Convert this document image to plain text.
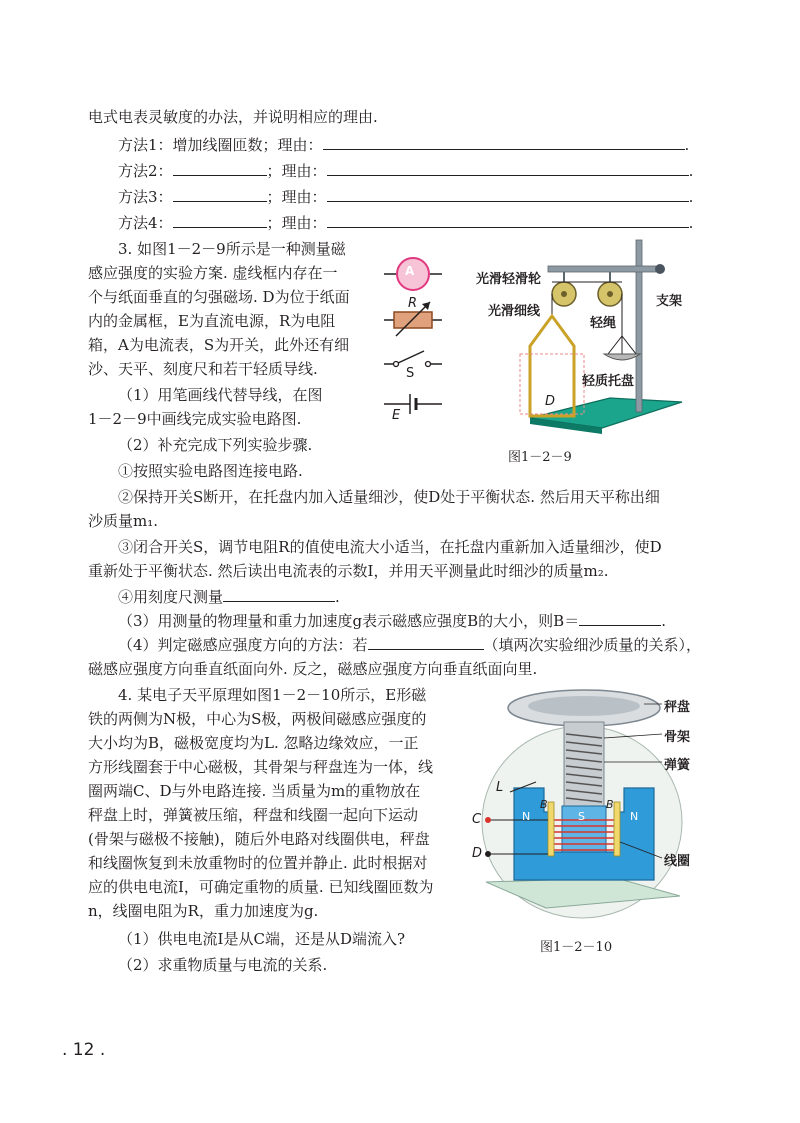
电式电表灵敏度的办法，并说明相应的理由.
方法1：增加线圈匝数；理由：	.
方法2：	；理由：	.
方法3：	；理由：	.
方法4：	；理由：	.
3. 如图1－2－9所示是一种测量磁
感应强度的实验方案. 虚线框内存在一
个与纸面垂直的匀强磁场. D为位于纸面
内的金属框，E为直流电源，R为电阻
箱，A为电流表，S为开关，此外还有细
沙、天平、刻度尺和若干轻质导线.
（1）用笔画线代替导线，在图
1－2－9中画线完成实验电路图.
（2）补充完成下列实验步骤.
①按照实验电路图连接电路.
②保持开关S断开，在托盘内加入适量细沙，使D处于平衡状态. 然后用天平称出细
沙质量m₁.
③闭合开关S，调节电阻R的值使电流大小适当，在托盘内重新加入适量细沙，使D
重新处于平衡状态. 然后读出电流表的示数I，并用天平测量此时细沙的质量m₂.
④用刻度尺测量	.
（3）用测量的物理量和重力加速度g表示磁感应强度B的大小，则B＝	.
（4）判定磁感应强度方向的方法：若	（填两次实验细沙质量的关系），
磁感应强度方向垂直纸面向外. 反之，磁感应强度方向垂直纸面向里.
4. 某电子天平原理如图1－2－10所示，E形磁
铁的两侧为N极，中心为S极，两极间磁感应强度的
大小均为B，磁极宽度均为L. 忽略边缘效应，一正
方形线圈套于中心磁极，其骨架与秤盘连为一体，线
圈两端C、D与外电路连接. 当质量为m的重物放在
秤盘上时，弹簧被压缩，秤盘和线圈一起向下运动
(骨架与磁极不接触)，随后外电路对线圈供电，秤盘
和线圈恢复到未放重物时的位置并静止. 此时根据对
应的供电电流I，可确定重物的质量. 已知线圈匝数为
n，线圈电阻为R，重力加速度为g.
（1）供电电流I是从C端，还是从D端流入?
（2）求重物质量与电流的关系.
A
R
S
E
光滑轻滑轮
光滑细线
支架
轻绳
轻质托盘
D
图1－2－9
秤盘
骨架
弹簧
线圈
L
C
D
B	B
N	S	N
图1－2－10
. 12 .
